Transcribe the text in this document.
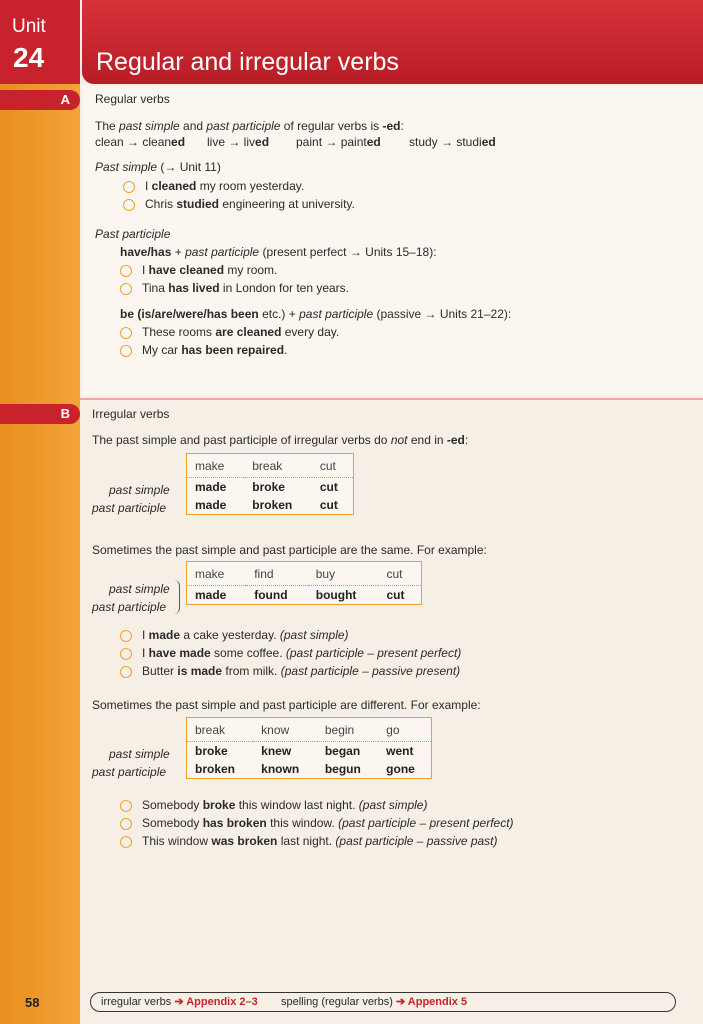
Unit
24 Regular and irregular verbs
A Regular verbs
The past simple and past participle of regular verbs is -ed:
clean → cleaned live → lived paint → painted study → studied
Past simple (→ Unit 11)
I cleaned my room yesterday.
Chris studied engineering at university.
Past participle
have/has + past participle (present perfect → Units 15–18):
I have cleaned my room.
Tina has lived in London for ten years.
be (is/are/were/has been etc.) + past participle (passive → Units 21–22):
These rooms are cleaned every day.
My car has been repaired.
B Irregular verbs
The past simple and past participle of irregular verbs do not end in -ed:
past simple
past participle
make	break	cut
made	broke	cut
made	broken	cut
Sometimes the past simple and past participle are the same. For example:
past simple
past participle
make	find	buy	cut
made	found	bought	cut
I made a cake yesterday. (past simple)
I have made some coffee. (past participle – present perfect)
Butter is made from milk. (past participle – passive present)
Sometimes the past simple and past participle are different. For example:
past simple
past participle
break	know	begin	go
broke	knew	began	went
broken	known	begun	gone
Somebody broke this window last night. (past simple)
Somebody has broken this window. (past participle – present perfect)
This window was broken last night. (past participle – passive past)
58	irregular verbs ➔ Appendix 2–3 spelling (regular verbs) ➔ Appendix 5
